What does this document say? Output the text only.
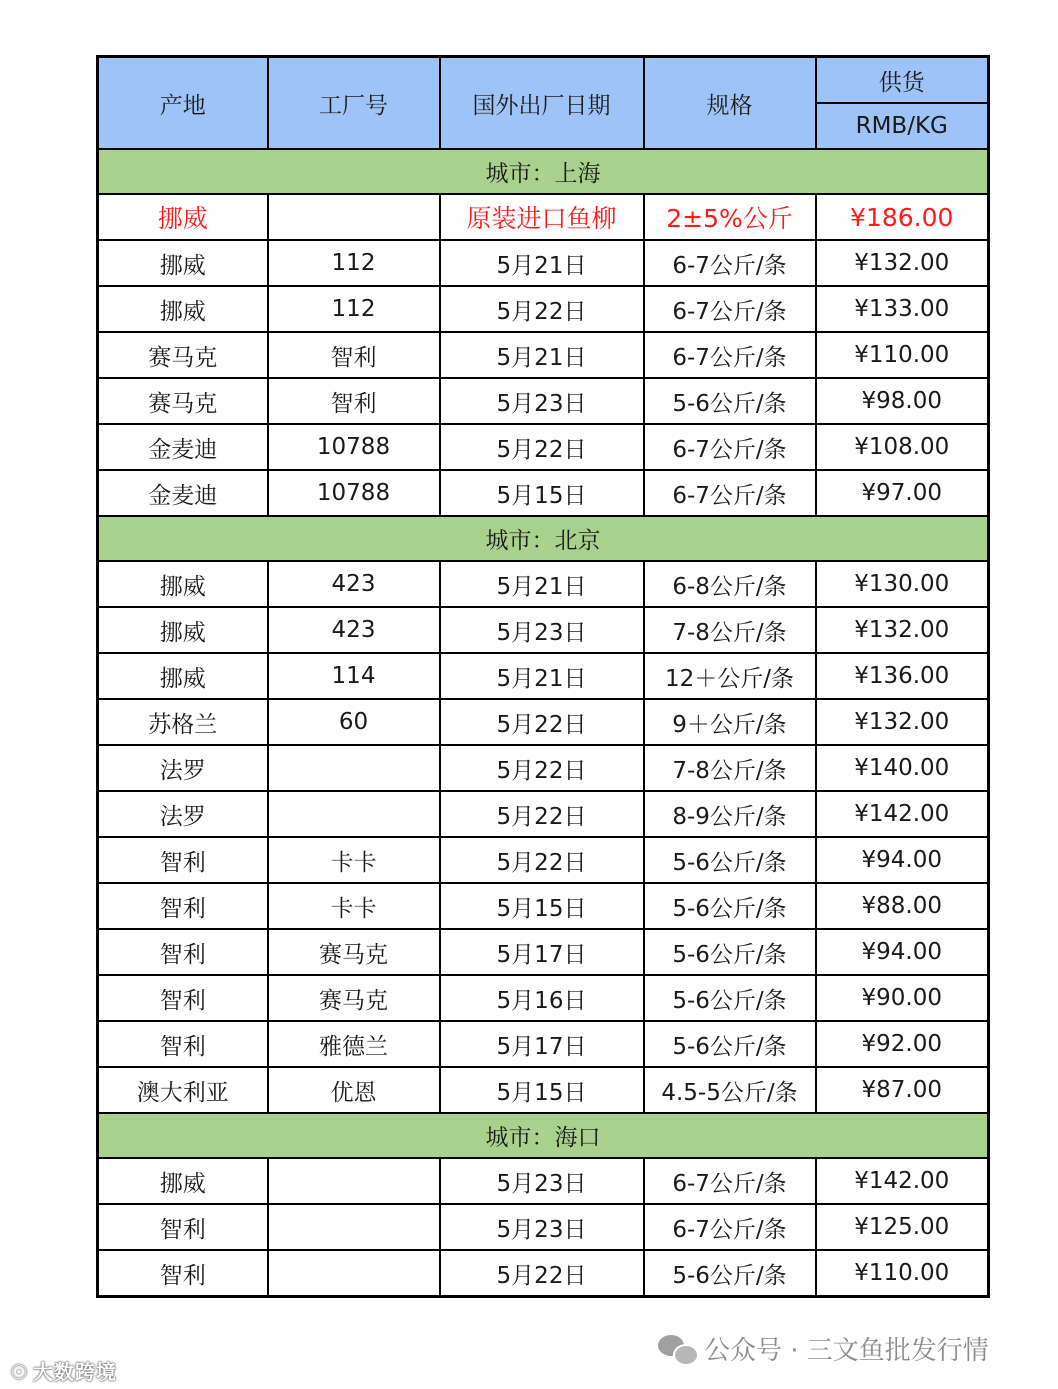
产地	工厂号	国外出厂日期	规格	供货
				RMB/KG
城市：上海				
挪威		原装进口鱼柳	2±5%公斤	¥186.00
挪威	112	5月21日	6-7公斤/条	¥132.00
挪威	112	5月22日	6-7公斤/条	¥133.00
赛马克	智利	5月21日	6-7公斤/条	¥110.00
赛马克	智利	5月23日	5-6公斤/条	¥98.00
金麦迪	10788	5月22日	6-7公斤/条	¥108.00
金麦迪	10788	5月15日	6-7公斤/条	¥97.00
城市：北京				
挪威	423	5月21日	6-8公斤/条	¥130.00
挪威	423	5月23日	7-8公斤/条	¥132.00
挪威	114	5月21日	12＋公斤/条	¥136.00
苏格兰	60	5月22日	9＋公斤/条	¥132.00
法罗		5月22日	7-8公斤/条	¥140.00
法罗		5月22日	8-9公斤/条	¥142.00
智利	卡卡	5月22日	5-6公斤/条	¥94.00
智利	卡卡	5月15日	5-6公斤/条	¥88.00
智利	赛马克	5月17日	5-6公斤/条	¥94.00
智利	赛马克	5月16日	5-6公斤/条	¥90.00
智利	雅德兰	5月17日	5-6公斤/条	¥92.00
澳大利亚	优恩	5月15日	4.5-5公斤/条	¥87.00
城市：海口				
挪威		5月23日	6-7公斤/条	¥142.00
智利		5月23日	6-7公斤/条	¥125.00
智利		5月22日	5-6公斤/条	¥110.00
☉ 大数跨境
公众号 · 三文鱼批发行情
